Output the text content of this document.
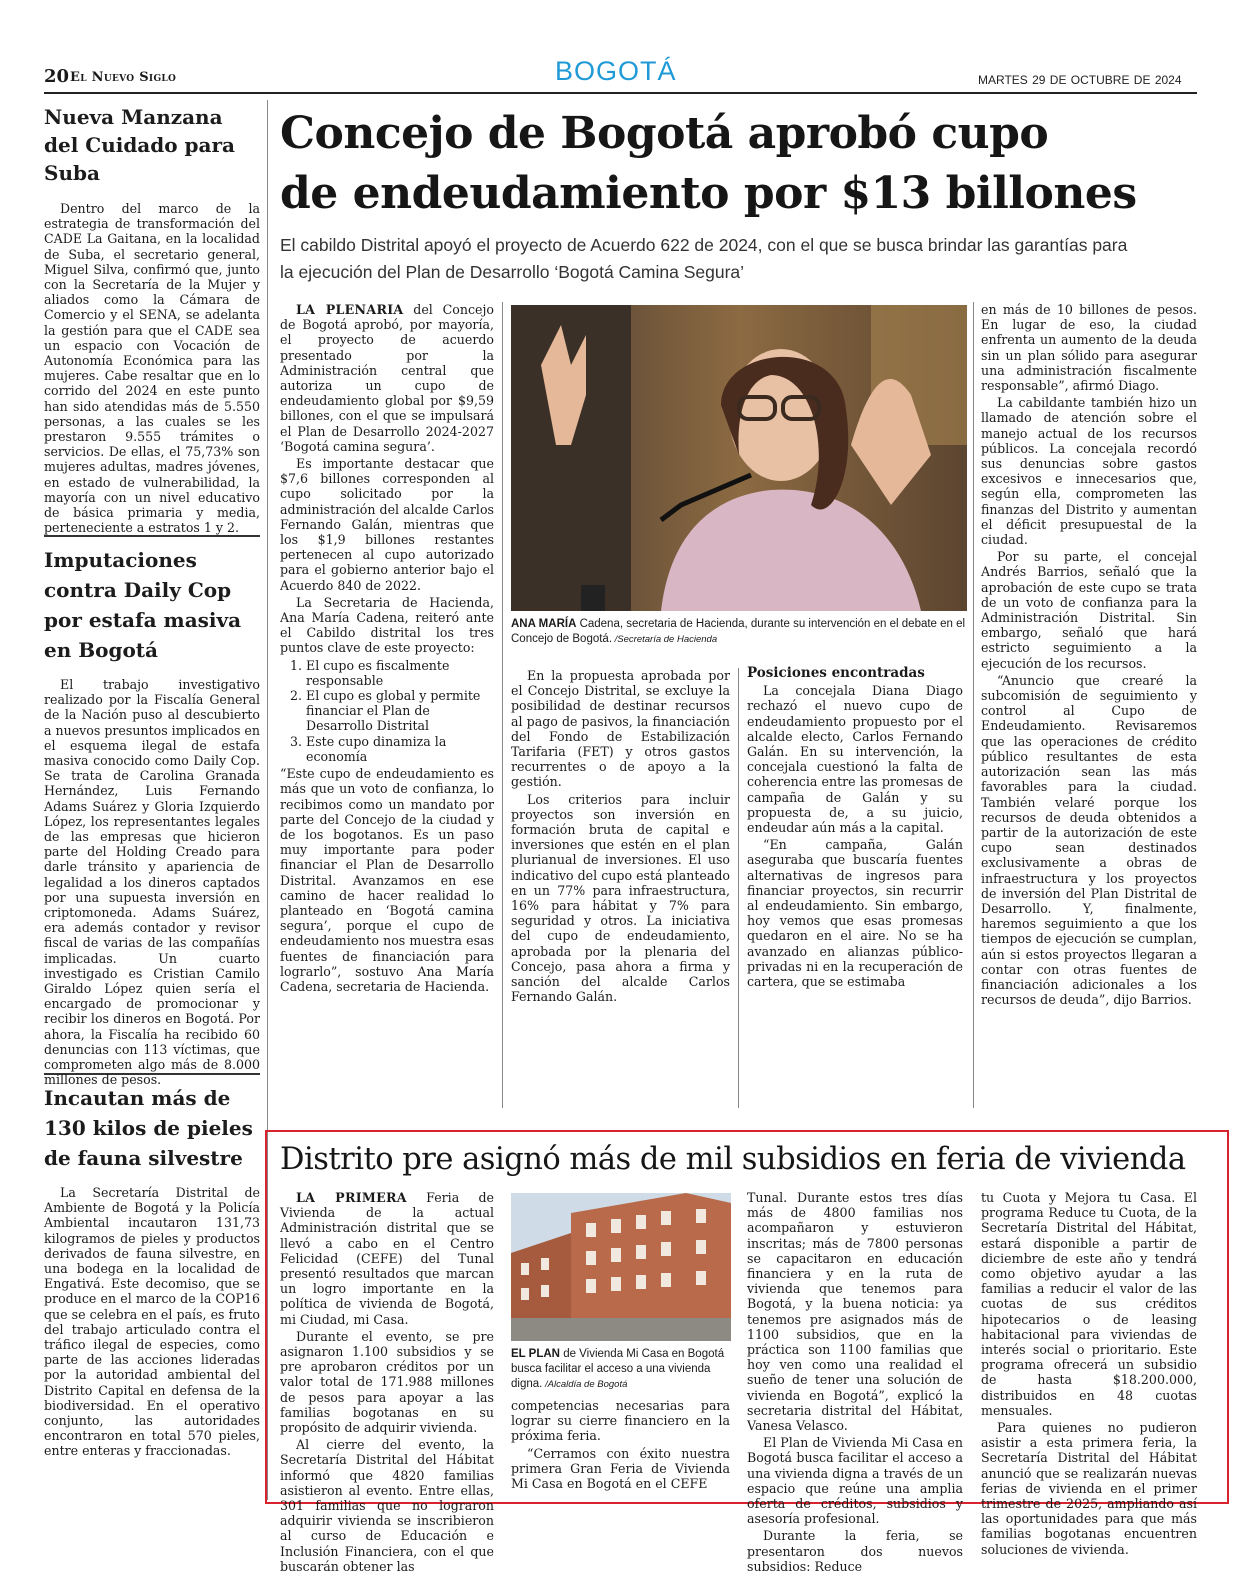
20 El Nuevo Siglo	BOGOTÁ	MARTES 29 DE OCTUBRE DE 2024
Nueva Manzana del Cuidado para Suba

Dentro del marco de la estrategia de transformación del CADE La Gaitana, en la localidad de Suba, el secretario general, Miguel Silva, confirmó que, junto con la Secretaría de la Mujer y aliados como la Cámara de Comercio y el SENA, se adelanta la gestión para que el CADE sea un espacio con Vocación de Autonomía Económica para las mujeres. Cabe resaltar que en lo corrido del 2024 en este punto han sido atendidas más de 5.550 personas, a las cuales se les prestaron 9.555 trámites o servicios. De ellas, el 75,73% son mujeres adultas, madres jóvenes, en estado de vulnerabilidad, la mayoría con un nivel educativo de básica primaria y media, perteneciente a estratos 1 y 2.

Imputaciones contra Daily Cop por estafa masiva en Bogotá

El trabajo investigativo realizado por la Fiscalía General de la Nación puso al descubierto a nuevos presuntos implicados en el esquema ilegal de estafa masiva conocido como Daily Cop. Se trata de Carolina Granada Hernández, Luis Fernando Adams Suárez y Gloria Izquierdo López, los representantes legales de las empresas que hicieron parte del Holding Creado para darle tránsito y apariencia de legalidad a los dineros captados por una supuesta inversión en criptomoneda. Adams Suárez, era además contador y revisor fiscal de varias de las compañías implicadas. Un cuarto investigado es Cristian Camilo Giraldo López quien sería el encargado de promocionar y recibir los dineros en Bogotá. Por ahora, la Fiscalía ha recibido 60 denuncias con 113 víctimas, que comprometen algo más de 8.000 millones de pesos.

Incautan más de 130 kilos de pieles de fauna silvestre

La Secretaría Distrital de Ambiente de Bogotá y la Policía Ambiental incautaron 131,73 kilogramos de pieles y productos derivados de fauna silvestre, en una bodega en la localidad de Engativá. Este decomiso, que se produce en el marco de la COP16 que se celebra en el país, es fruto del trabajo articulado contra el tráfico ilegal de especies, como parte de las acciones lideradas por la autoridad ambiental del Distrito Capital en defensa de la biodiversidad. En el operativo conjunto, las autoridades encontraron en total 570 pieles, entre enteras y fraccionadas.

Concejo de Bogotá aprobó cupo
de endeudamiento por $13 billones
El cabildo Distrital apoyó el proyecto de Acuerdo 622 de 2024, con el que se busca brindar las garantías para la ejecución del Plan de Desarrollo ‘Bogotá Camina Segura’

LA PLENARIA del Concejo de Bogotá aprobó, por mayoría, el proyecto de acuerdo presentado por la Administración central que autoriza un cupo de endeudamiento global por $9,59 billones, con el que se impulsará el Plan de Desarrollo 2024-2027 ‘Bogotá camina segura’.

Es importante destacar que $7,6 billones corresponden al cupo solicitado por la administración del alcalde Carlos Fernando Galán, mientras que los $1,9 billones restantes pertenecen al cupo autorizado para el gobierno anterior bajo el Acuerdo 840 de 2022.

La Secretaria de Hacienda, Ana María Cadena, reiteró ante el Cabildo distrital los tres puntos clave de este proyecto:

1. El cupo es fiscalmente responsable
2. El cupo es global y permite financiar el Plan de Desarrollo Distrital
3. Este cupo dinamiza la economía

“Este cupo de endeudamiento es más que un voto de confianza, lo recibimos como un mandato por parte del Concejo de la ciudad y de los bogotanos. Es un paso muy importante para poder financiar el Plan de Desarrollo Distrital. Avanzamos en ese camino de hacer realidad lo planteado en ‘Bogotá camina segura’, porque el cupo de endeudamiento nos muestra esas fuentes de financiación para lograrlo”, sostuvo Ana María Cadena, secretaria de Hacienda.

ANA MARÍA Cadena, secretaria de Hacienda, durante su intervención en el debate en el Concejo de Bogotá. /Secretaría de Hacienda

En la propuesta aprobada por el Concejo Distrital, se excluye la posibilidad de destinar recursos al pago de pasivos, la financiación del Fondo de Estabilización Tarifaria (FET) y otros gastos recurrentes o de apoyo a la gestión.

Los criterios para incluir proyectos son inversión en formación bruta de capital e inversiones que estén en el plan plurianual de inversiones. El uso indicativo del cupo está planteado en un 77% para infraestructura, 16% para hábitat y 7% para seguridad y otros. La iniciativa del cupo de endeudamiento, aprobada por la plenaria del Concejo, pasa ahora a firma y sanción del alcalde Carlos Fernando Galán.

Posiciones encontradas

La concejala Diana Diago rechazó el nuevo cupo de endeudamiento propuesto por el alcalde electo, Carlos Fernando Galán. En su intervención, la concejala cuestionó la falta de coherencia entre las promesas de campaña de Galán y su propuesta de, a su juicio, endeudar aún más a la capital.

“En campaña, Galán aseguraba que buscaría fuentes alternativas de ingresos para financiar proyectos, sin recurrir al endeudamiento. Sin embargo, hoy vemos que esas promesas quedaron en el aire. No se ha avanzado en alianzas público-privadas ni en la recuperación de cartera, que se estimaba

en más de 10 billones de pesos. En lugar de eso, la ciudad enfrenta un aumento de la deuda sin un plan sólido para asegurar una administración fiscalmente responsable”, afirmó Diago.

La cabildante también hizo un llamado de atención sobre el manejo actual de los recursos públicos. La concejala recordó sus denuncias sobre gastos excesivos e innecesarios que, según ella, comprometen las finanzas del Distrito y aumentan el déficit presupuestal de la ciudad.

Por su parte, el concejal Andrés Barrios, señaló que la aprobación de este cupo se trata de un voto de confianza para la Administración Distrital. Sin embargo, señaló que hará estricto seguimiento a la ejecución de los recursos.

“Anuncio que crearé la subcomisión de seguimiento y control al Cupo de Endeudamiento. Revisaremos que las operaciones de crédito público resultantes de esta autorización sean las más favorables para la ciudad. También velaré porque los recursos de deuda obtenidos a partir de la autorización de este cupo sean destinados exclusivamente a obras de infraestructura y los proyectos de inversión del Plan Distrital de Desarrollo. Y, finalmente, haremos seguimiento a que los tiempos de ejecución se cumplan, aún si estos proyectos llegaran a contar con otras fuentes de financiación adicionales a los recursos de deuda”, dijo Barrios.

Distrito pre asignó más de mil subsidios en feria de vivienda

LA PRIMERA Feria de Vivienda de la actual Administración distrital que se llevó a cabo en el Centro Felicidad (CEFE) del Tunal presentó resultados que marcan un logro importante en la política de vivienda de Bogotá, mi Ciudad, mi Casa.

Durante el evento, se pre asignaron 1.100 subsidios y se pre aprobaron créditos por un valor total de 171.988 millones de pesos para apoyar a las familias bogotanas en su propósito de adquirir vivienda.

Al cierre del evento, la Secretaría Distrital del Hábitat informó que 4820 familias asistieron al evento. Entre ellas, 301 familias que no lograron adquirir vivienda se inscribieron al curso de Educación e Inclusión Financiera, con el que buscarán obtener las

EL PLAN de Vivienda Mi Casa en Bogotá busca facilitar el acceso a una vivienda digna. /Alcaldía de Bogotá

competencias necesarias para lograr su cierre financiero en la próxima feria.

“Cerramos con éxito nuestra primera Gran Feria de Vivienda Mi Casa en Bogotá en el CEFE

Tunal. Durante estos tres días más de 4800 familias nos acompañaron y estuvieron inscritas; más de 7800 personas se capacitaron en educación financiera y en la ruta de vivienda que tenemos para Bogotá, y la buena noticia: ya tenemos pre asignados más de 1100 subsidios, que en la práctica son 1100 familias que hoy ven como una realidad el sueño de tener una solución de vivienda en Bogotá”, explicó la secretaria distrital del Hábitat, Vanesa Velasco.

El Plan de Vivienda Mi Casa en Bogotá busca facilitar el acceso a una vivienda digna a través de un espacio que reúne una amplia oferta de créditos, subsidios y asesoría profesional.

Durante la feria, se presentaron dos nuevos subsidios: Reduce

tu Cuota y Mejora tu Casa. El programa Reduce tu Cuota, de la Secretaría Distrital del Hábitat, estará disponible a partir de diciembre de este año y tendrá como objetivo ayudar a las familias a reducir el valor de las cuotas de sus créditos hipotecarios o de leasing habitacional para viviendas de interés social o prioritario. Este programa ofrecerá un subsidio de hasta $18.200.000, distribuidos en 48 cuotas mensuales.

Para quienes no pudieron asistir a esta primera feria, la Secretaría Distrital del Hábitat anunció que se realizarán nuevas ferias de vivienda en el primer trimestre de 2025, ampliando así las oportunidades para que más familias bogotanas encuentren soluciones de vivienda.
